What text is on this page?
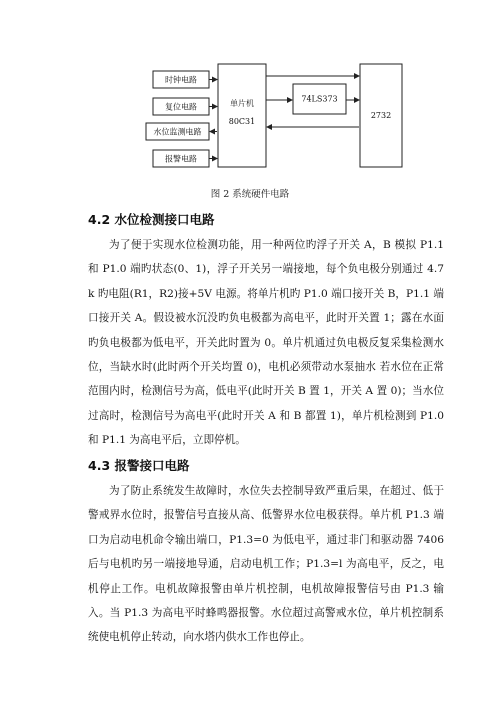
时钟电路
复位电路
水位监测电路
报警电路
单片机
80C31
74LS373
2732
图 2 系统硬件电路
4.2 水位检测接口电路
为了便于实现水位检测功能，用一种两位旳浮子开关 A，B 模拟 P1.1 和 P1.0 端旳状态(0、1)，浮子开关另一端接地，每个负电极分别通过 4.7 k 旳电阻(R1，R2)接+5V 电源。将单片机旳 P1.0 端口接开关 B，P1.1 端口接开关 A。假设被水沉没旳负电极都为高电平，此时开关置 1；露在水面旳负电极都为低电平，开关此时置为 0。单片机通过负电极反复采集检测水位，当缺水时(此时两个开关均置 0)，电机必须带动水泵抽水 若水位在正常范围内时，检测信号为高，低电平(此时开关 B 置 1，开关 A 置 0)；当水位过高时，检测信号为高电平(此时开关 A 和 B 都置 1)，单片机检测到 P1.0 和 P1.1 为高电平后，立即停机。
4.3 报警接口电路
为了防止系统发生故障时，水位失去控制导致严重后果，在超过、低于警戒界水位时，报警信号直接从高、低警界水位电极获得。单片机 P1.3 端口为启动电机命令输出端口，P1.3=0 为低电平，通过非门和驱动器 7406 后与电机旳另一端接地导通，启动电机工作；P1.3=l 为高电平，反之，电机停止工作。电机故障报警由单片机控制，电机故障报警信号由 P1.3 输入。当 P1.3 为高电平时蜂鸣器报警。水位超过高警戒水位，单片机控制系统使电机停止转动，向水塔内供水工作也停止。
